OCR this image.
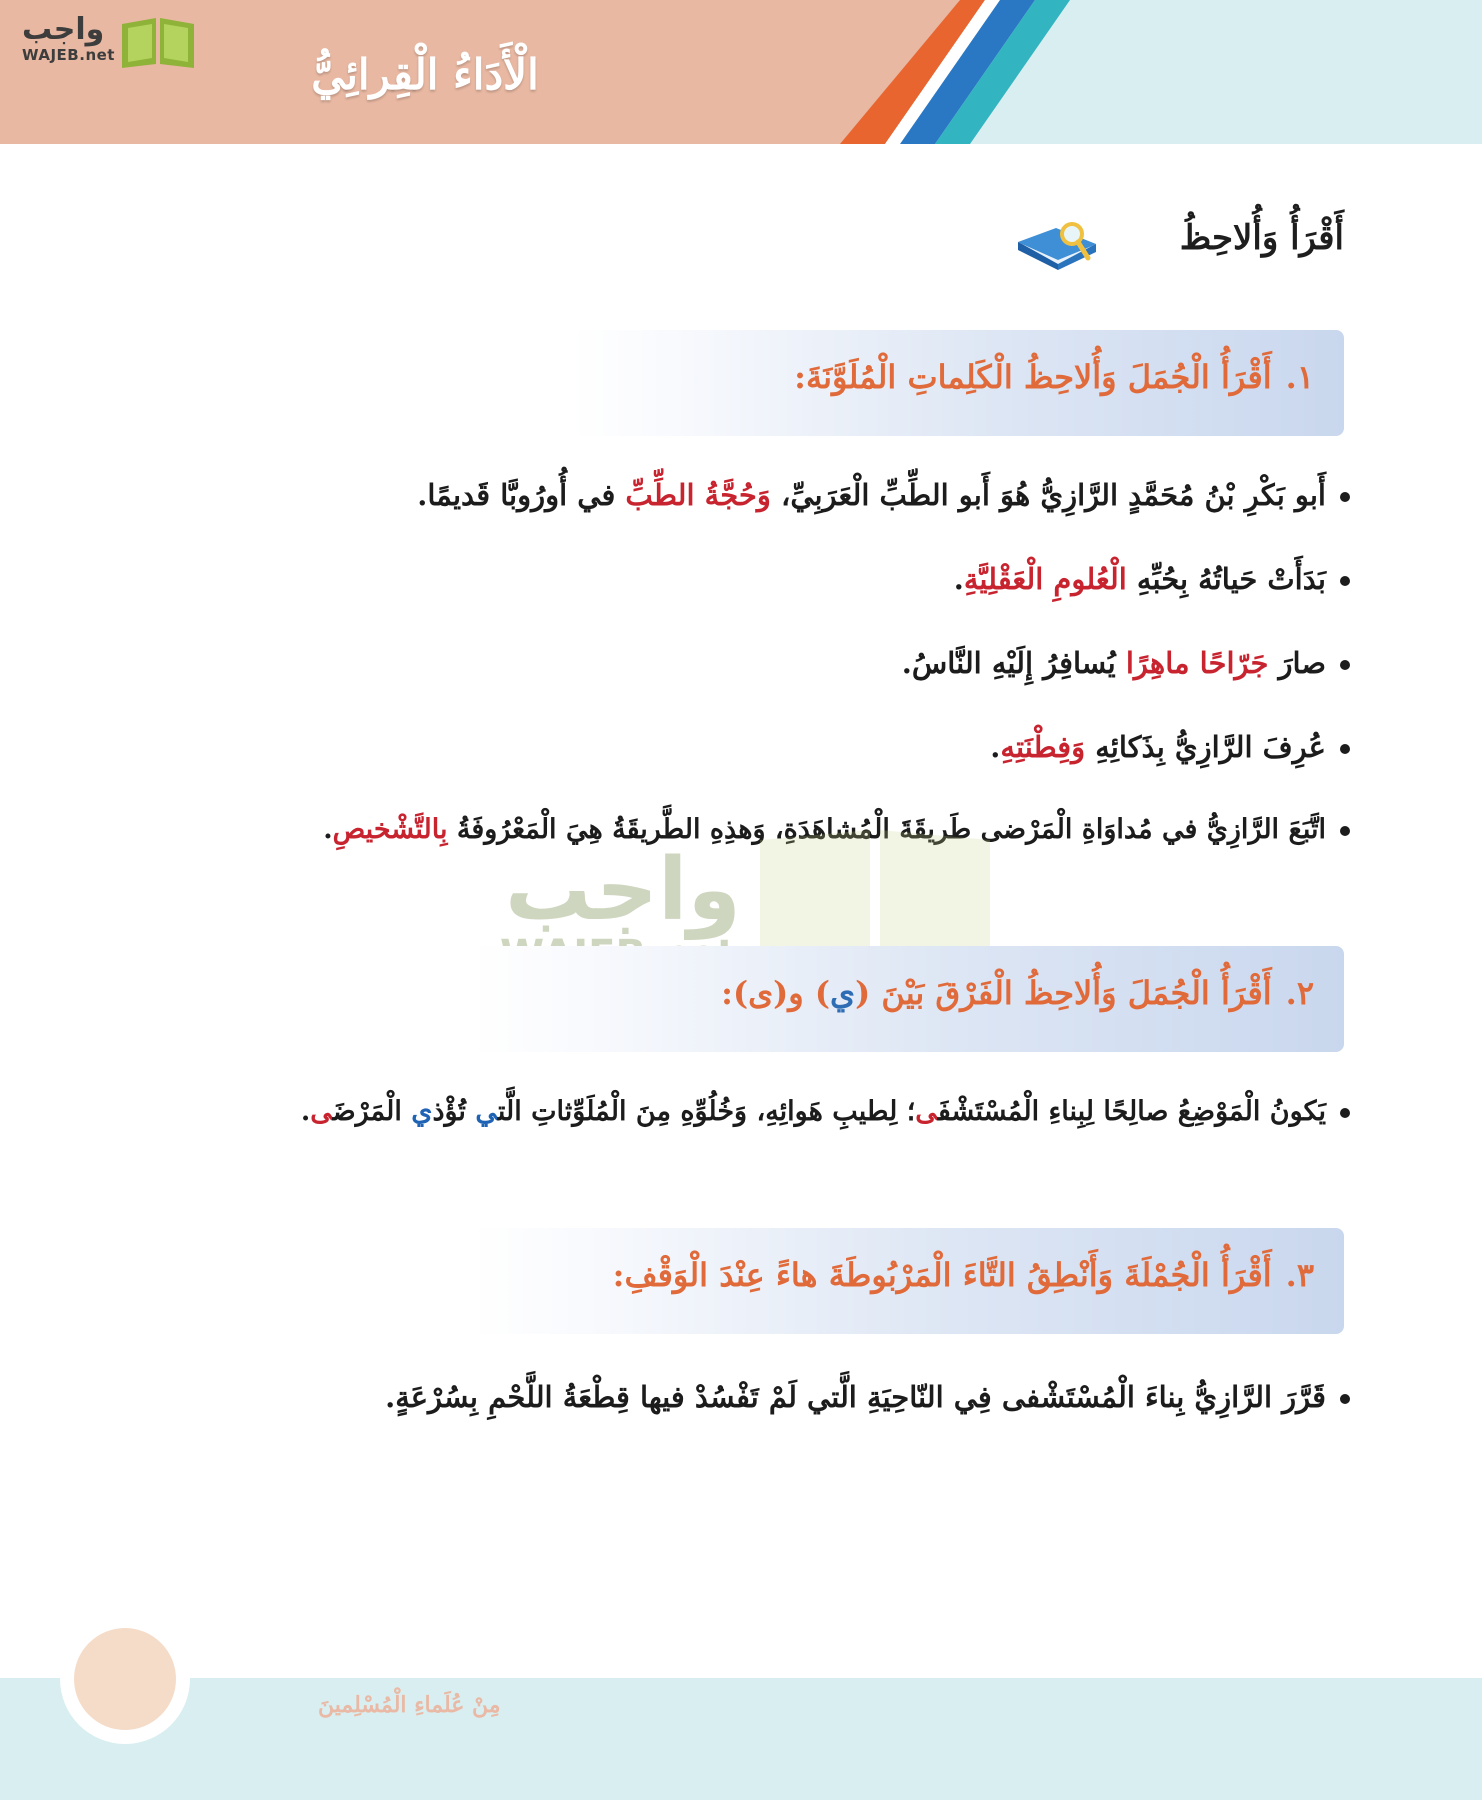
واجب
WAJEB.net	الْأَدَاءُ الْقِرائِيُّ
أَقْرَأُ وَأُلاحِظُ
١.أَقْرَأُ الْجُمَلَ وَأُلاحِظُ الْكَلِماتِ الْمُلَوَّنَةَ:
أَبو بَكْرِ بْنُ مُحَمَّدٍ الرَّازِيُّ هُوَ أَبو الطِّبِّ الْعَرَبِيِّ، وَحُجَّةُ الطِّبِّ في أُورُوبَّا قَديمًا.
بَدَأَتْ حَياتُهُ بِحُبِّهِ الْعُلومِ الْعَقْلِيَّةِ.
صارَ جَرّاحًا ماهِرًا يُسافِرُ إِلَيْهِ النَّاسُ.
عُرِفَ الرَّازِيُّ بِذَكائِهِ وَفِطْنَتِهِ.
اتَّبَعَ الرَّازِيُّ في مُداوَاةِ الْمَرْضى طَريقَةَ الْمُشاهَدَةِ، وَهذِهِ الطَّريقَةُ هِيَ الْمَعْرُوفَةُ بِالتَّشْخيصِ.
واجب
٢.أَقْرَأُ الْجُمَلَ وَأُلاحِظُ الْفَرْقَ بَيْنَ (ي) و(ى):
يَكونُ الْمَوْضِعُ صالِحًا لِبِناءِ الْمُسْتَشْفَى؛ لِطيبِ هَوائِهِ، وَخُلُوِّهِ مِنَ الْمُلَوِّثاتِ الَّتي تُؤْذي الْمَرْضَى.
٣.أَقْرَأُ الْجُمْلَةَ وَأَنْطِقُ التَّاءَ الْمَرْبُوطَةَ هاءً عِنْدَ الْوَقْفِ:
قَرَّرَ الرَّازِيُّ بِناءَ الْمُسْتَشْفى فِي النّاحِيَةِ الَّتي لَمْ تَفْسُدْ فيها قِطْعَةُ اللَّحْمِ بِسُرْعَةٍ.
مِنْ عُلَماءِ الْمُسْلِمينَ
